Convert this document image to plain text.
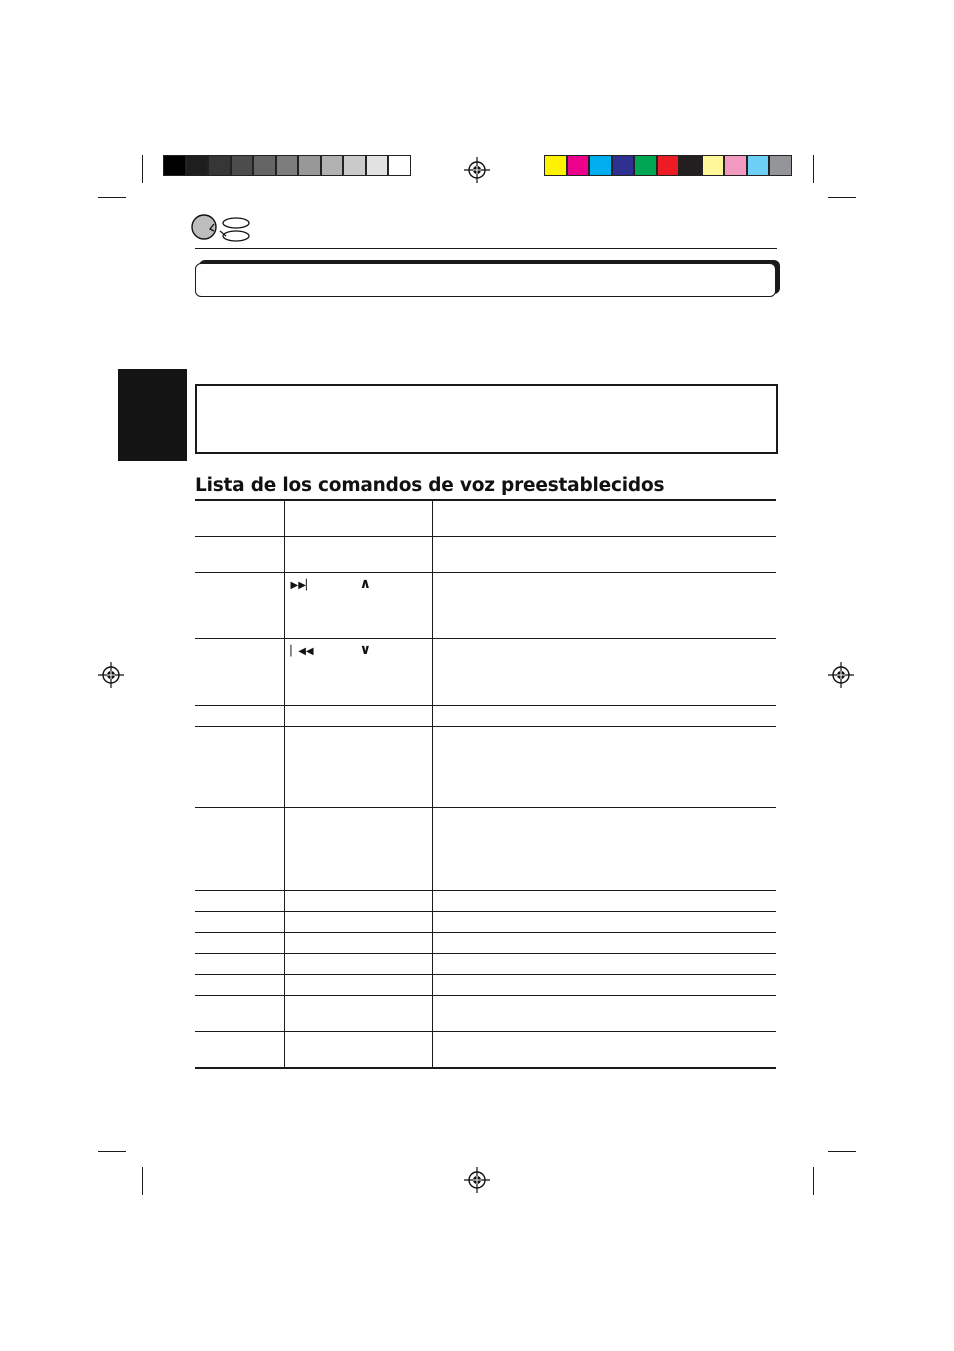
Lista de los comandos de voz preestablecidos

	▶▶▏ ∧	
	▏◀◀ ∨	
